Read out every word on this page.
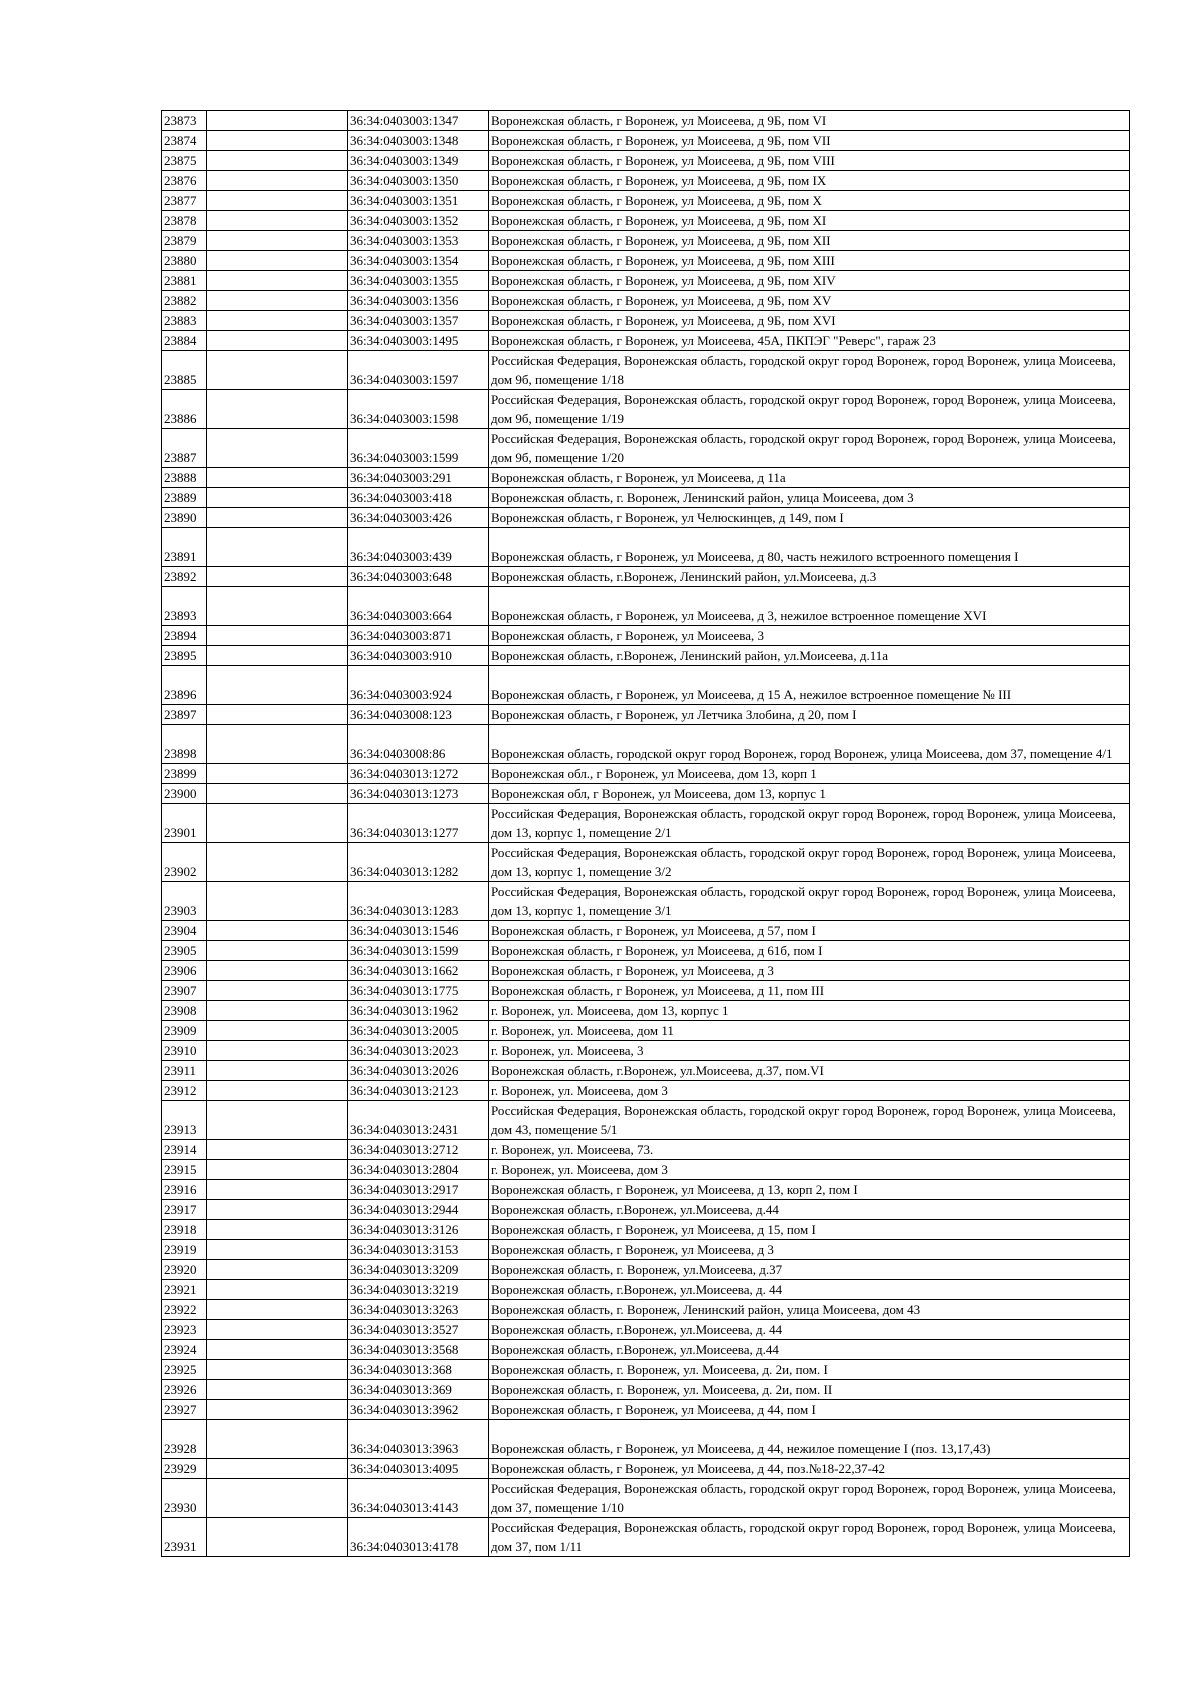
23873		36:34:0403003:1347	Воронежская область, г Воронеж, ул Моисеева, д 9Б, пом VI
23874		36:34:0403003:1348	Воронежская область, г Воронеж, ул Моисеева, д 9Б, пом VII
23875		36:34:0403003:1349	Воронежская область, г Воронеж, ул Моисеева, д 9Б, пом VIII
23876		36:34:0403003:1350	Воронежская область, г Воронеж, ул Моисеева, д 9Б, пом IX
23877		36:34:0403003:1351	Воронежская область, г Воронеж, ул Моисеева, д 9Б, пом X
23878		36:34:0403003:1352	Воронежская область, г Воронеж, ул Моисеева, д 9Б, пом XI
23879		36:34:0403003:1353	Воронежская область, г Воронеж, ул Моисеева, д 9Б, пом XII
23880		36:34:0403003:1354	Воронежская область, г Воронеж, ул Моисеева, д 9Б, пом XIII
23881		36:34:0403003:1355	Воронежская область, г Воронеж, ул Моисеева, д 9Б, пом XIV
23882		36:34:0403003:1356	Воронежская область, г Воронеж, ул Моисеева, д 9Б, пом XV
23883		36:34:0403003:1357	Воронежская область, г Воронеж, ул Моисеева, д 9Б, пом XVI
23884		36:34:0403003:1495	Воронежская область, г Воронеж, ул Моисеева, 45А, ПКПЭГ "Реверс", гараж 23
23885		36:34:0403003:1597	Российская Федерация, Воронежская область, городской округ город Воронеж, город Воронеж, улица Моисеева, дом 9б, помещение 1/18
23886		36:34:0403003:1598	Российская Федерация, Воронежская область, городской округ город Воронеж, город Воронеж, улица Моисеева, дом 9б, помещение 1/19
23887		36:34:0403003:1599	Российская Федерация, Воронежская область, городской округ город Воронеж, город Воронеж, улица Моисеева, дом 9б, помещение 1/20
23888		36:34:0403003:291	Воронежская область, г Воронеж, ул Моисеева, д 11а
23889		36:34:0403003:418	Воронежская область, г. Воронеж, Ленинский район, улица Моисеева, дом 3
23890		36:34:0403003:426	Воронежская область, г Воронеж, ул Челюскинцев, д 149, пом I
23891		36:34:0403003:439	Воронежская область, г Воронеж, ул Моисеева, д 80, часть нежилого встроенного помещения I
23892		36:34:0403003:648	Воронежская область, г.Воронеж, Ленинский район, ул.Моисеева, д.3
23893		36:34:0403003:664	Воронежская область, г Воронеж, ул Моисеева, д 3, нежилое встроенное помещение XVI
23894		36:34:0403003:871	Воронежская область, г Воронеж, ул Моисеева, 3
23895		36:34:0403003:910	Воронежская область, г.Воронеж, Ленинский район, ул.Моисеева, д.11а
23896		36:34:0403003:924	Воронежская область, г Воронеж, ул Моисеева, д 15 А, нежилое встроенное помещение № III
23897		36:34:0403008:123	Воронежская область, г Воронеж, ул Летчика Злобина, д 20, пом I
23898		36:34:0403008:86	Воронежская область, городской округ город Воронеж, город Воронеж, улица Моисеева, дом 37, помещение 4/1
23899		36:34:0403013:1272	Воронежская обл., г Воронеж, ул Моисеева, дом 13, корп 1
23900		36:34:0403013:1273	Воронежская обл, г Воронеж, ул Моисеева, дом 13, корпус 1
23901		36:34:0403013:1277	Российская Федерация, Воронежская область, городской округ город Воронеж, город Воронеж, улица Моисеева, дом 13, корпус 1, помещение 2/1
23902		36:34:0403013:1282	Российская Федерация, Воронежская область, городской округ город Воронеж, город Воронеж, улица Моисеева, дом 13, корпус 1, помещение 3/2
23903		36:34:0403013:1283	Российская Федерация, Воронежская область, городской округ город Воронеж, город Воронеж, улица Моисеева, дом 13, корпус 1, помещение 3/1
23904		36:34:0403013:1546	Воронежская область, г Воронеж, ул Моисеева, д 57, пом I
23905		36:34:0403013:1599	Воронежская область, г Воронеж, ул Моисеева, д 61б, пом I
23906		36:34:0403013:1662	Воронежская область, г Воронеж, ул Моисеева, д 3
23907		36:34:0403013:1775	Воронежская область, г Воронеж, ул Моисеева, д 11, пом III
23908		36:34:0403013:1962	г. Воронеж, ул. Моисеева, дом 13, корпус 1
23909		36:34:0403013:2005	г. Воронеж, ул. Моисеева, дом 11
23910		36:34:0403013:2023	г. Воронеж, ул. Моисеева, 3
23911		36:34:0403013:2026	Воронежская область, г.Воронеж, ул.Моисеева, д.37, пом.VI
23912		36:34:0403013:2123	г. Воронеж, ул. Моисеева, дом 3
23913		36:34:0403013:2431	Российская Федерация, Воронежская область, городской округ город Воронеж, город Воронеж, улица Моисеева, дом 43, помещение 5/1
23914		36:34:0403013:2712	г. Воронеж, ул. Моисеева, 73.
23915		36:34:0403013:2804	г. Воронеж, ул. Моисеева, дом 3
23916		36:34:0403013:2917	Воронежская область, г Воронеж, ул Моисеева, д 13, корп 2, пом I
23917		36:34:0403013:2944	Воронежская область, г.Воронеж, ул.Моисеева, д.44
23918		36:34:0403013:3126	Воронежская область, г Воронеж, ул Моисеева, д 15, пом I
23919		36:34:0403013:3153	Воронежская область, г Воронеж, ул Моисеева, д 3
23920		36:34:0403013:3209	Воронежская область, г. Воронеж, ул.Моисеева, д.37
23921		36:34:0403013:3219	Воронежская область, г.Воронеж, ул.Моисеева, д. 44
23922		36:34:0403013:3263	Воронежская область, г. Воронеж, Ленинский район, улица Моисеева, дом 43
23923		36:34:0403013:3527	Воронежская область, г.Воронеж, ул.Моисеева, д. 44
23924		36:34:0403013:3568	Воронежская область, г.Воронеж, ул.Моисеева, д.44
23925		36:34:0403013:368	Воронежская область, г. Воронеж, ул. Моисеева, д. 2и, пом. I
23926		36:34:0403013:369	Воронежская область, г. Воронеж, ул. Моисеева, д. 2и, пом. II
23927		36:34:0403013:3962	Воронежская область, г Воронеж, ул Моисеева, д 44, пом I
23928		36:34:0403013:3963	Воронежская область, г Воронеж, ул Моисеева, д 44, нежилое помещение I (поз. 13,17,43)
23929		36:34:0403013:4095	Воронежская область, г Воронеж, ул Моисеева, д 44, поз.№18-22,37-42
23930		36:34:0403013:4143	Российская Федерация, Воронежская область, городской округ город Воронеж, город Воронеж, улица Моисеева, дом 37, помещение 1/10
23931		36:34:0403013:4178	Российская Федерация, Воронежская область, городской округ город Воронеж, город Воронеж, улица Моисеева, дом 37, пом 1/11
